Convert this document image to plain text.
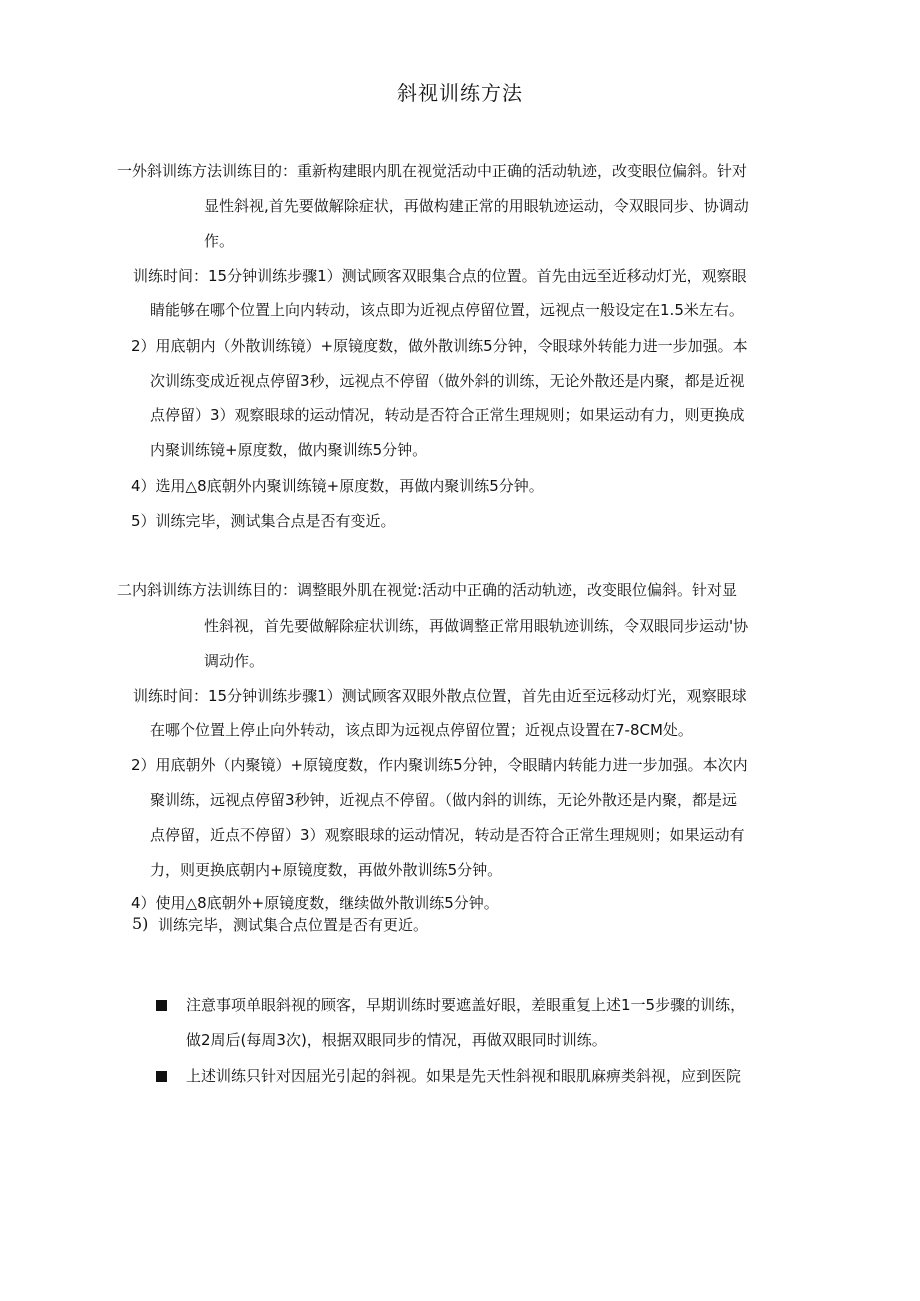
斜视训练方法
一外斜训练方法训练目的：重新构建眼内肌在视觉活动中正确的活动轨迹，改变眼位偏斜。针对
显性斜视,首先要做解除症状，再做构建正常的用眼轨迹运动，令双眼同步、协调动
作。
训练时间：15分钟训练步骤1）测试顾客双眼集合点的位置。首先由远至近移动灯光，观察眼
睛能够在哪个位置上向内转动，该点即为近视点停留位置，远视点一般设定在1.5米左右。
2）用底朝内（外散训练镜）+原镜度数，做外散训练5分钟，令眼球外转能力进一步加强。本
次训练变成近视点停留3秒，远视点不停留（做外斜的训练，无论外散还是内聚，都是近视
点停留）3）观察眼球的运动情况，转动是否符合正常生理规则；如果运动有力，则更换成
内聚训练镜+原度数，做内聚训练5分钟。
4）选用△8底朝外内聚训练镜+原度数，再做内聚训练5分钟。
5）训练完毕，测试集合点是否有变近。
二内斜训练方法训练目的：调整眼外肌在视觉:活动中正确的活动轨迹，改变眼位偏斜。针对显
性斜视，首先要做解除症状训练，再做调整正常用眼轨迹训练，令双眼同步运动'协
调动作。
训练时间：15分钟训练步骤1）测试顾客双眼外散点位置，首先由近至远移动灯光，观察眼球
在哪个位置上停止向外转动，该点即为远视点停留位置；近视点设置在7-8CM处。
2）用底朝外（内聚镜）+原镜度数，作内聚训练5分钟，令眼睛内转能力进一步加强。本次内
聚训练，远视点停留3秒钟，近视点不停留。（做内斜的训练，无论外散还是内聚，都是远
点停留，近点不停留）3）观察眼球的运动情况，转动是否符合正常生理规则；如果运动有
力，则更换底朝内+原镜度数，再做外散训练5分钟。
4）使用△8底朝外+原镜度数，继续做外散训练5分钟。
5) 训练完毕，测试集合点位置是否有更近。
注意事项单眼斜视的顾客，早期训练时要遮盖好眼，差眼重复上述1一5步骤的训练，
做2周后(每周3次)，根据双眼同步的情况，再做双眼同时训练。
上述训练只针对因屈光引起的斜视。如果是先天性斜视和眼肌麻痹类斜视，应到医院
